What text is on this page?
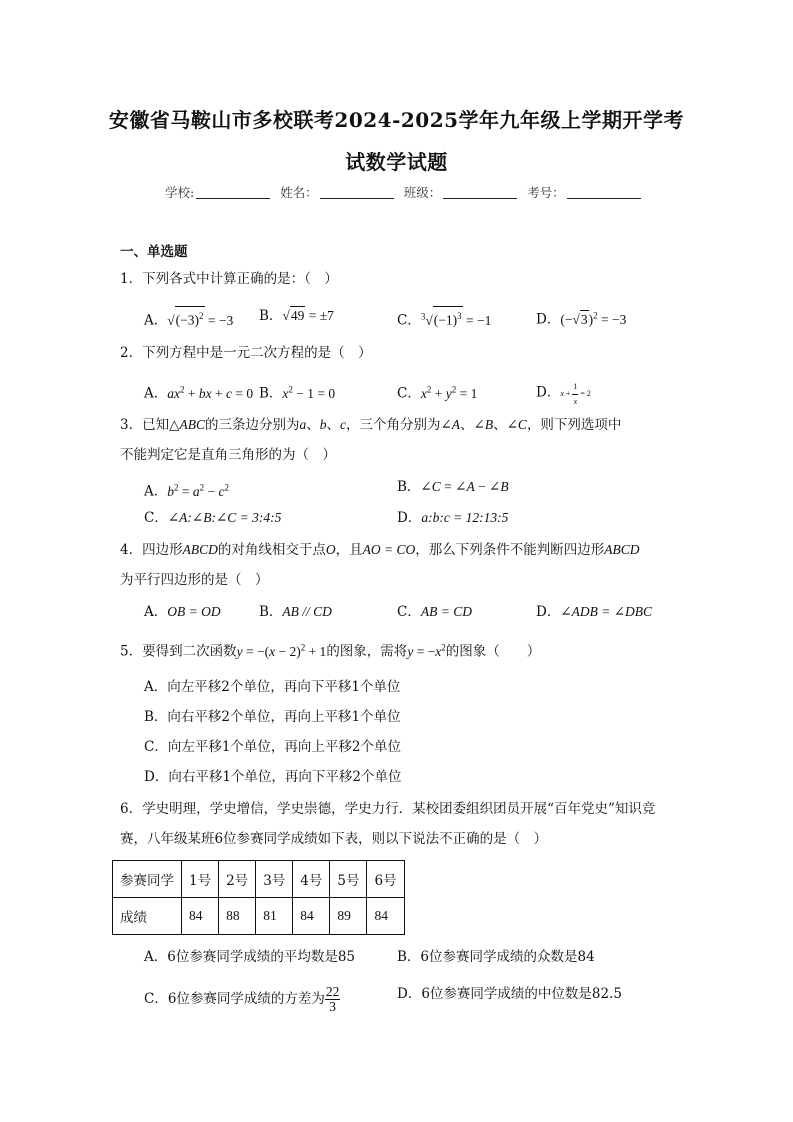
安徽省马鞍山市多校联考2024-2025学年九年级上学期开学考
试数学试题
学校:	姓名：	班级：	考号：
一、单选题
1．下列各式中计算正确的是：（　）
A．$√(-3)^2 = -3$ B．√49 = ±7	C．$^3√(-1)^3 = -1$	D．$(-√3)^2 = -3$
2．下列方程中是一元二次方程的是（　）
A．$ax^2$ + bx + c = 0 B．$x^2 - 1 = 0$	C．$x^2 + y^2 = 1$	D．$x + \frac{1}{x} = 2$
3．已知△ABC的三条边分别为a、b、c，三个角分别为∠A、∠B、∠C，则下列选项中
不能判定它是直角三角形的为（　）
A．$b^2 = a^2 - c^2$	B．∠C = ∠A − ∠B
C．∠A:∠B:∠C = 3:4:5	D．a:b:c = 12:13:5
4．四边形ABCD的对角线相交于点O，且AO = CO，那么下列条件不能判断四边形ABCD
为平行四边形的是（　）
A．OB = OD	B．AB // CD	C．AB = CD	D．∠ADB = ∠DBC
5．要得到二次函数$y = -(x - 2)^2 + 1$的图象，需将$y = -x^2$的图象（　　）
A．向左平移2个单位，再向下平移1个单位
B．向右平移2个单位，再向上平移1个单位
C．向左平移1个单位，再向上平移2个单位
D．向右平移1个单位，再向下平移2个单位
6．学史明理，学史增信，学史崇德，学史力行．某校团委组织团员开展“百年党史”知识竞
赛，八年级某班6位参赛同学成绩如下表，则以下说法不正确的是（　）
参赛同学	1号	2号	3号	4号	5号	6号
成绩	84	88	81	84	89	84
A．6位参赛同学成绩的平均数是85	B．6位参赛同学成绩的众数是84
C．6位参赛同学成绩的方差为 $\frac{22}{3}$	D．6位参赛同学成绩的中位数是82.5
